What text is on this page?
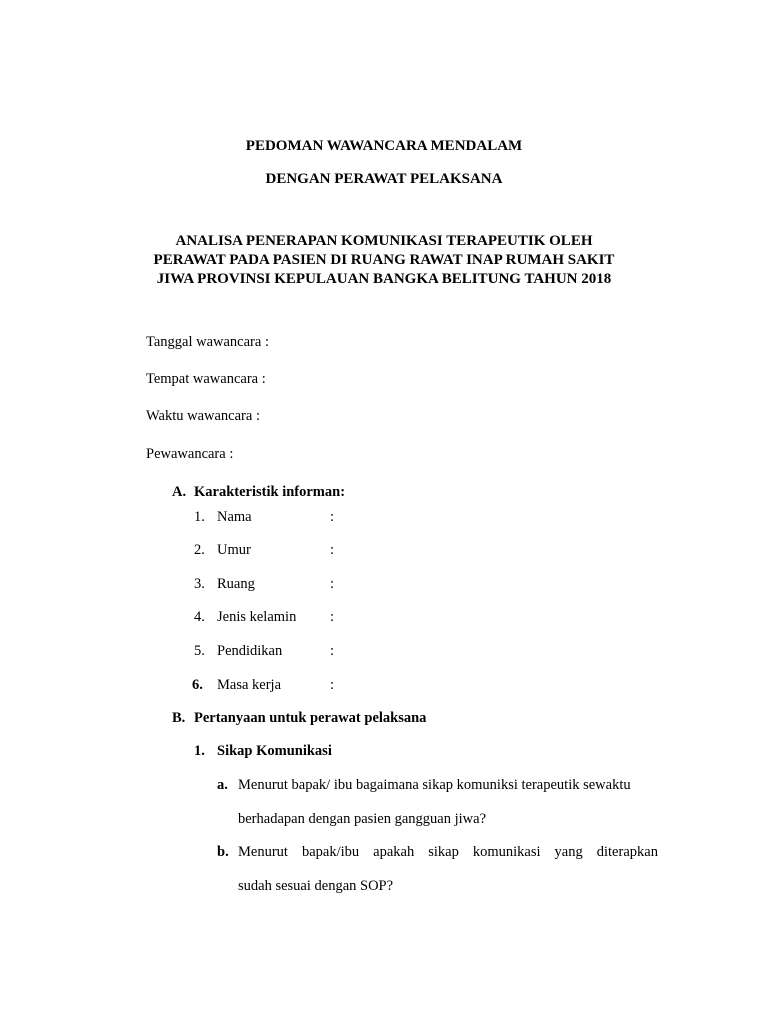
PEDOMAN WAWANCARA MENDALAM
DENGAN PERAWAT PELAKSANA
ANALISA PENERAPAN KOMUNIKASI TERAPEUTIK OLEH
PERAWAT PADA PASIEN DI RUANG RAWAT INAP RUMAH SAKIT
JIWA PROVINSI KEPULAUAN BANGKA BELITUNG TAHUN 2018
Tanggal wawancara :
Tempat wawancara :
Waktu wawancara :
Pewawancara :
A. Karakteristik informan:
1. Nama	:
2. Umur	:
3. Ruang	:
4. Jenis kelamin :
5. Pendidikan	:
6. Masa kerja	:
B. Pertanyaan untuk perawat pelaksana
1. Sikap Komunikasi
a. Menurut bapak/ ibu bagaimana sikap komuniksi terapeutik sewaktu
berhadapan dengan pasien gangguan jiwa?
b. Menurut bapak/ibu apakah sikap komunikasi yang diterapkan
sudah sesuai dengan SOP?
